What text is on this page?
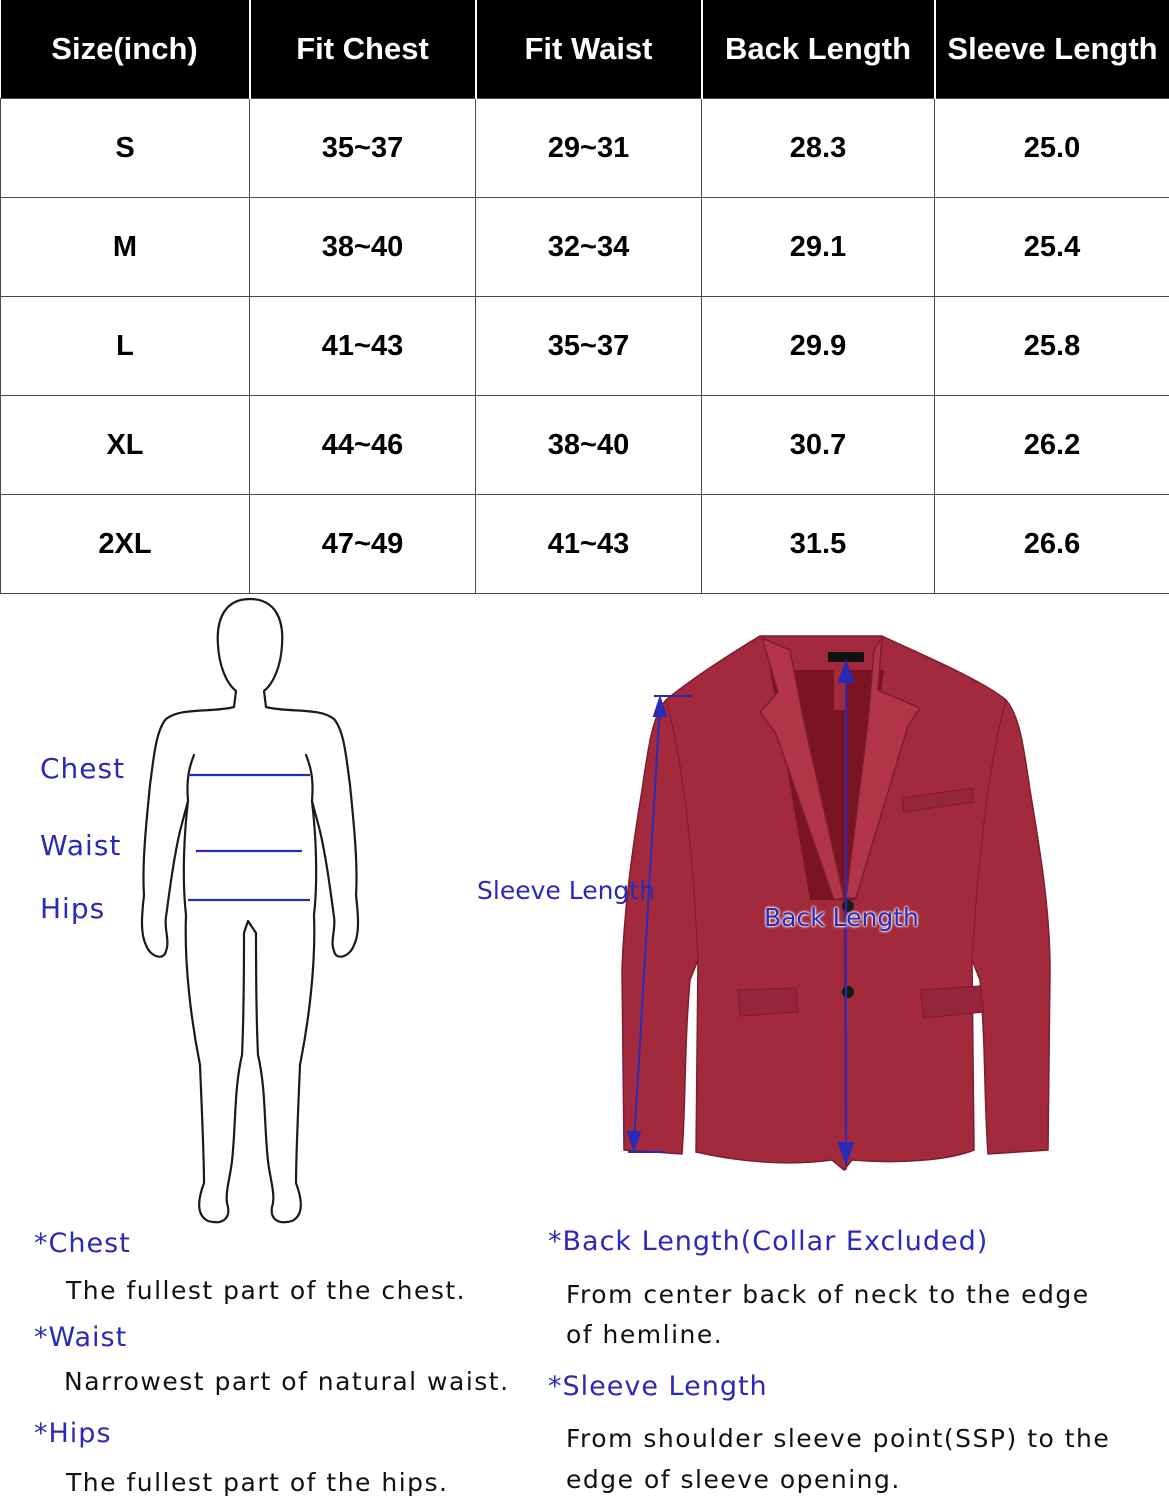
Size(inch)	Fit Chest	Fit Waist	Back Length	Sleeve Length
S	35~37	29~31	28.3	25.0
M	38~40	32~34	29.1	25.4
L	41~43	35~37	29.9	25.8
XL	44~46	38~40	30.7	26.2
2XL	47~49	41~43	31.5	26.6
Chest
Waist
Hips
Sleeve Length
Back Length
*Chest
The fullest part of the chest.
*Waist
Narrowest part of natural waist.
*Hips
The fullest part of the hips.
*Back Length(Collar Excluded)
From center back of neck to the edge
of hemline.
*Sleeve Length
From shoulder sleeve point(SSP) to the
edge of sleeve opening.
